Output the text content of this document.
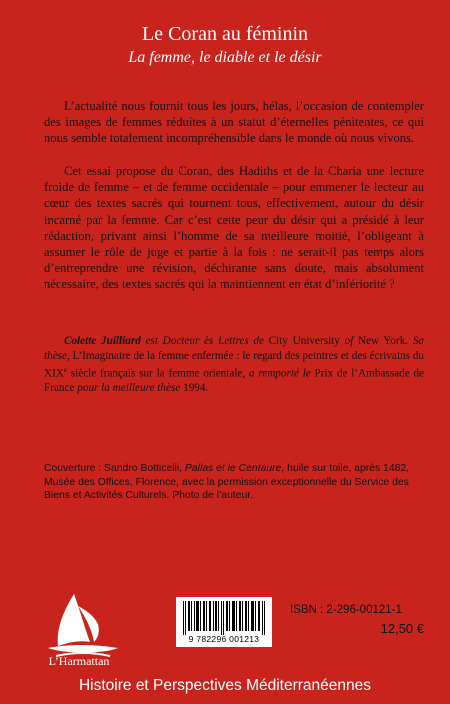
Le Coran au féminin
La femme, le diable et le désir

L’actualité nous fournit tous les jours, hélas, l’occasion de contempler des images de femmes réduites à un statut d’éternelles pénitentes, ce qui nous semble totalement incompréhensible dans le monde où nous vivons.

Cet essai propose du Coran, des Hadiths et de la Charia une lecture froide de femme – et de femme occidentale – pour emmener le lecteur au cœur des textes sacrés qui tournent tous, effectivement, autour du désir incarné par la femme. Car c’est cette peur du désir qui a présidé à leur rédaction, privant ainsi l’homme de sa meilleure moitié, l’obligeant à assumer le rôle de juge et partie à la fois : ne serait-il pas temps alors d’entreprendre une révision, déchirante sans doute, mais absolument nécessaire, des textes sacrés qui la maintiennent en état d’infériorité ?

Colette Juilliard est Docteur ès Lettres de City University of New York. Sa thèse, L’Imaginaire de la femme enfermée : le regard des peintres et des écrivains du XIXe siècle français sur la femme orientale, a remporté le Prix de l’Ambassade de France pour la meilleure thèse 1994.
Couverture : Sandro Botticelli, Pallas et le Centaure, huile sur toile, après 1482, Musée des Offices, Florence, avec la permission exceptionnelle du Service des Biens et Activités Culturels. Photo de l’auteur.
L’Harmattan
9 782296 001213
ISBN : 2-296-00121-1
12,50 €
Histoire et Perspectives Méditerranéennes
